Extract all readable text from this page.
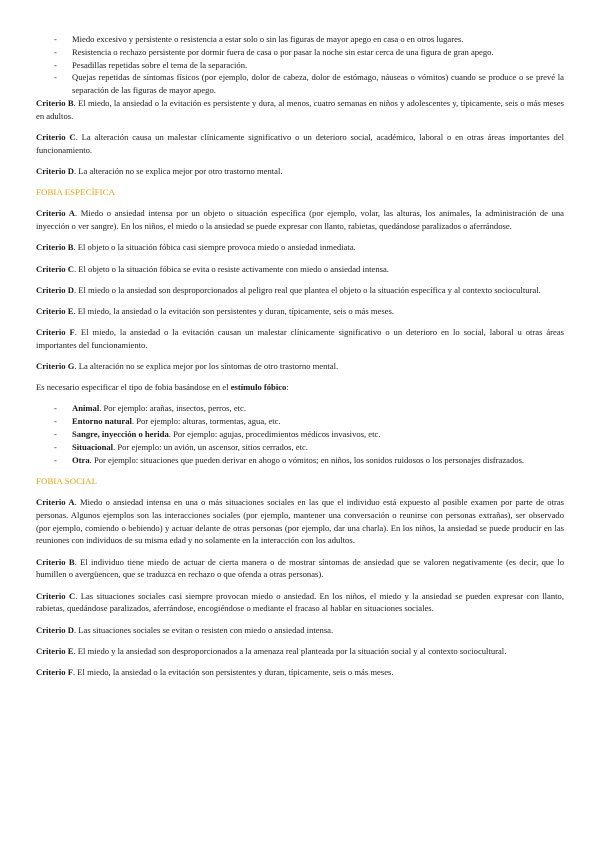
- Miedo excesivo y persistente o resistencia a estar solo o sin las figuras de mayor apego en casa o en otros lugares.
- Resistencia o rechazo persistente por dormir fuera de casa o por pasar la noche sin estar cerca de una figura de gran apego.
- Pesadillas repetidas sobre el tema de la separación.
- Quejas repetidas de síntomas físicos (por ejemplo, dolor de cabeza, dolor de estómago, náuseas o vómitos) cuando se produce o se prevé la separación de las figuras de mayor apego.

Criterio B. El miedo, la ansiedad o la evitación es persistente y dura, al menos, cuatro semanas en niños y adolescentes y, típicamente, seis o más meses en adultos.

Criterio C. La alteración causa un malestar clínicamente significativo o un deterioro social, académico, laboral o en otras áreas importantes del funcionamiento.

Criterio D. La alteración no se explica mejor por otro trastorno mental.

FOBIA ESPECÍFICA

Criterio A. Miedo o ansiedad intensa por un objeto o situación específica (por ejemplo, volar, las alturas, los animales, la administración de una inyección o ver sangre). En los niños, el miedo o la ansiedad se puede expresar con llanto, rabietas, quedándose paralizados o aferrándose.

Criterio B. El objeto o la situación fóbica casi siempre provoca miedo o ansiedad inmediata.

Criterio C. El objeto o la situación fóbica se evita o resiste activamente con miedo o ansiedad intensa.

Criterio D. El miedo o la ansiedad son desproporcionados al peligro real que plantea el objeto o la situación específica y al contexto sociocultural.

Criterio E. El miedo, la ansiedad o la evitación son persistentes y duran, típicamente, seis o más meses.

Criterio F. El miedo, la ansiedad o la evitación causan un malestar clínicamente significativo o un deterioro en lo social, laboral u otras áreas importantes del funcionamiento.

Criterio G. La alteración no se explica mejor por los síntomas de otro trastorno mental.

Es necesario especificar el tipo de fobia basándose en el estímulo fóbico:

- Animal. Por ejemplo: arañas, insectos, perros, etc.
- Entorno natural. Por ejemplo: alturas, tormentas, agua, etc.
- Sangre, inyección o herida. Por ejemplo: agujas, procedimientos médicos invasivos, etc.
- Situacional. Por ejemplo: un avión, un ascensor, sitios cerrados, etc.
- Otra. Por ejemplo: situaciones que pueden derivar en ahogo o vómitos; en niños, los sonidos ruidosos o los personajes disfrazados.
FOBIA SOCIAL

Criterio A. Miedo o ansiedad intensa en una o más situaciones sociales en las que el individuo está expuesto al posible examen por parte de otras personas. Algunos ejemplos son las interacciones sociales (por ejemplo, mantener una conversación o reunirse con personas extrañas), ser observado (por ejemplo, comiendo o bebiendo) y actuar delante de otras personas (por ejemplo, dar una charla). En los niños, la ansiedad se puede producir en las reuniones con individuos de su misma edad y no solamente en la interacción con los adultos.

Criterio B. El individuo tiene miedo de actuar de cierta manera o de mostrar síntomas de ansiedad que se valoren negativamente (es decir, que lo humillen o avergüencen, que se traduzca en rechazo o que ofenda a otras personas).

Criterio C. Las situaciones sociales casi siempre provocan miedo o ansiedad. En los niños, el miedo y la ansiedad se pueden expresar con llanto, rabietas, quedándose paralizados, aferrándose, encogiéndose o mediante el fracaso al hablar en situaciones sociales.

Criterio D. Las situaciones sociales se evitan o resisten con miedo o ansiedad intensa.

Criterio E. El miedo y la ansiedad son desproporcionados a la amenaza real planteada por la situación social y al contexto sociocultural.

Criterio F. El miedo, la ansiedad o la evitación son persistentes y duran, típicamente, seis o más meses.
